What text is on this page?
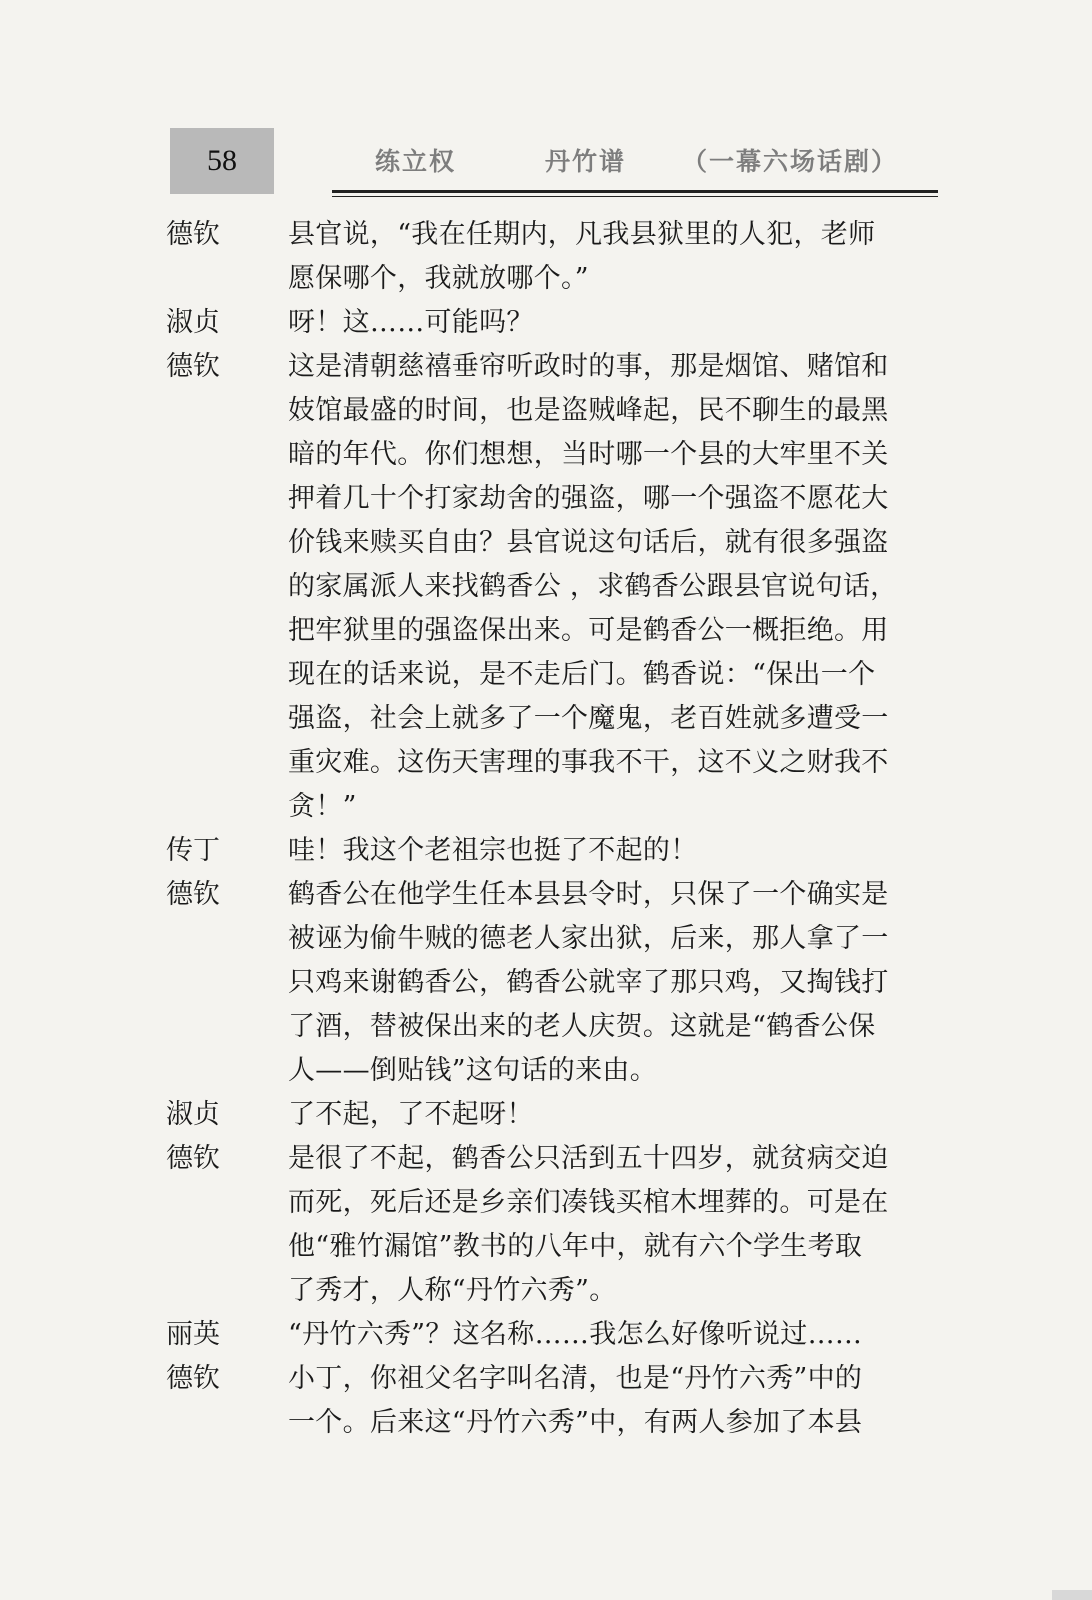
58	练立权	丹竹谱 （一幕六场话剧）
德钦	县官说，“我在任期内，凡我县狱里的人犯，老师
愿保哪个，我就放哪个。”
淑贞	呀！这……可能吗？
德钦	这是清朝慈禧垂帘听政时的事，那是烟馆、赌馆和
妓馆最盛的时间，也是盗贼峰起，民不聊生的最黑
暗的年代。你们想想，当时哪一个县的大牢里不关
押着几十个打家劫舍的强盗，哪一个强盗不愿花大
价钱来赎买自由？县官说这句话后，就有很多强盗
的家属派人来找鹤香公 ，求鹤香公跟县官说句话，
把牢狱里的强盗保出来。可是鹤香公一概拒绝。用
现在的话来说，是不走后门。鹤香说：“保出一个
强盗，社会上就多了一个魔鬼，老百姓就多遭受一
重灾难。这伤天害理的事我不干，这不义之财我不
贪！”
传丁	哇！我这个老祖宗也挺了不起的！
德钦	鹤香公在他学生任本县县令时，只保了一个确实是
被诬为偷牛贼的德老人家出狱，后来，那人拿了一
只鸡来谢鹤香公，鹤香公就宰了那只鸡，又掏钱打
了酒，替被保出来的老人庆贺。这就是“鹤香公保
人——倒贴钱”这句话的来由。
淑贞	了不起，了不起呀！
德钦	是很了不起，鹤香公只活到五十四岁，就贫病交迫
而死，死后还是乡亲们凑钱买棺木埋葬的。可是在
他“雅竹漏馆”教书的八年中，就有六个学生考取
了秀才，人称“丹竹六秀”。
丽英	“丹竹六秀”？这名称……我怎么好像听说过……
德钦	小丁，你祖父名字叫名清，也是“丹竹六秀”中的
一个。后来这“丹竹六秀”中，有两人参加了本县
